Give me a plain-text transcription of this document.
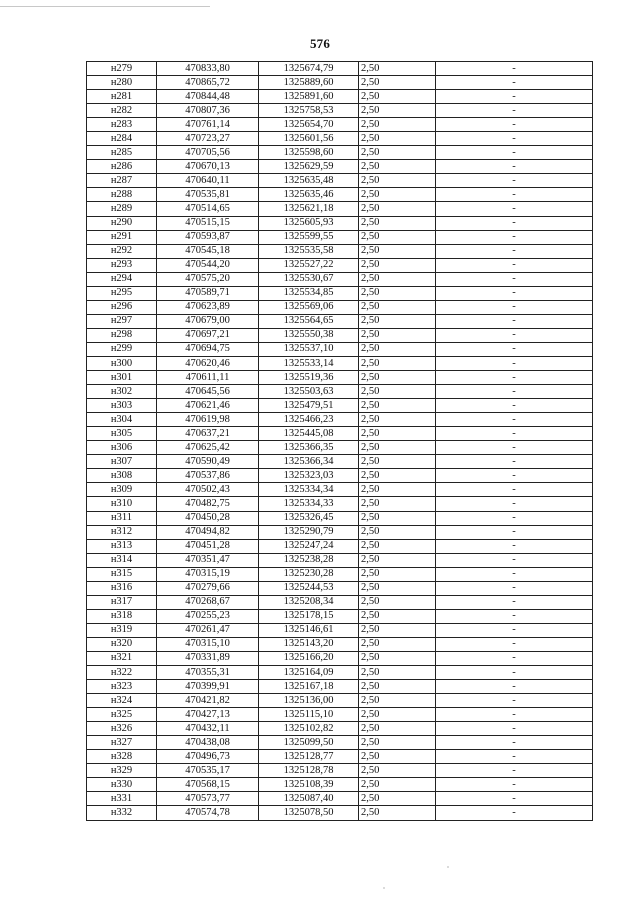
576
н279	470833,80	1325674,79	2,50	-
н280	470865,72	1325889,60	2,50	-
н281	470844,48	1325891,60	2,50	-
н282	470807,36	1325758,53	2,50	-
н283	470761,14	1325654,70	2,50	-
н284	470723,27	1325601,56	2,50	-
н285	470705,56	1325598,60	2,50	-
н286	470670,13	1325629,59	2,50	-
н287	470640,11	1325635,48	2,50	-
н288	470535,81	1325635,46	2,50	-
н289	470514,65	1325621,18	2,50	-
н290	470515,15	1325605,93	2,50	-
н291	470593,87	1325599,55	2,50	-
н292	470545,18	1325535,58	2,50	-
н293	470544,20	1325527,22	2,50	-
н294	470575,20	1325530,67	2,50	-
н295	470589,71	1325534,85	2,50	-
н296	470623,89	1325569,06	2,50	-
н297	470679,00	1325564,65	2,50	-
н298	470697,21	1325550,38	2,50	-
н299	470694,75	1325537,10	2,50	-
н300	470620,46	1325533,14	2,50	-
н301	470611,11	1325519,36	2,50	-
н302	470645,56	1325503,63	2,50	-
н303	470621,46	1325479,51	2,50	-
н304	470619,98	1325466,23	2,50	-
н305	470637,21	1325445,08	2,50	-
н306	470625,42	1325366,35	2,50	-
н307	470590,49	1325366,34	2,50	-
н308	470537,86	1325323,03	2,50	-
н309	470502,43	1325334,34	2,50	-
н310	470482,75	1325334,33	2,50	-
н311	470450,28	1325326,45	2,50	-
н312	470494,82	1325290,79	2,50	-
н313	470451,28	1325247,24	2,50	-
н314	470351,47	1325238,28	2,50	-
н315	470315,19	1325230,28	2,50	-
н316	470279,66	1325244,53	2,50	-
н317	470268,67	1325208,34	2,50	-
н318	470255,23	1325178,15	2,50	-
н319	470261,47	1325146,61	2,50	-
н320	470315,10	1325143,20	2,50	-
н321	470331,89	1325166,20	2,50	-
н322	470355,31	1325164,09	2,50	-
н323	470399,91	1325167,18	2,50	-
н324	470421,82	1325136,00	2,50	-
н325	470427,13	1325115,10	2,50	-
н326	470432,11	1325102,82	2,50	-
н327	470438,08	1325099,50	2,50	-
н328	470496,73	1325128,77	2,50	-
н329	470535,17	1325128,78	2,50	-
н330	470568,15	1325108,39	2,50	-
н331	470573,77	1325087,40	2,50	-
н332	470574,78	1325078,50	2,50	-
